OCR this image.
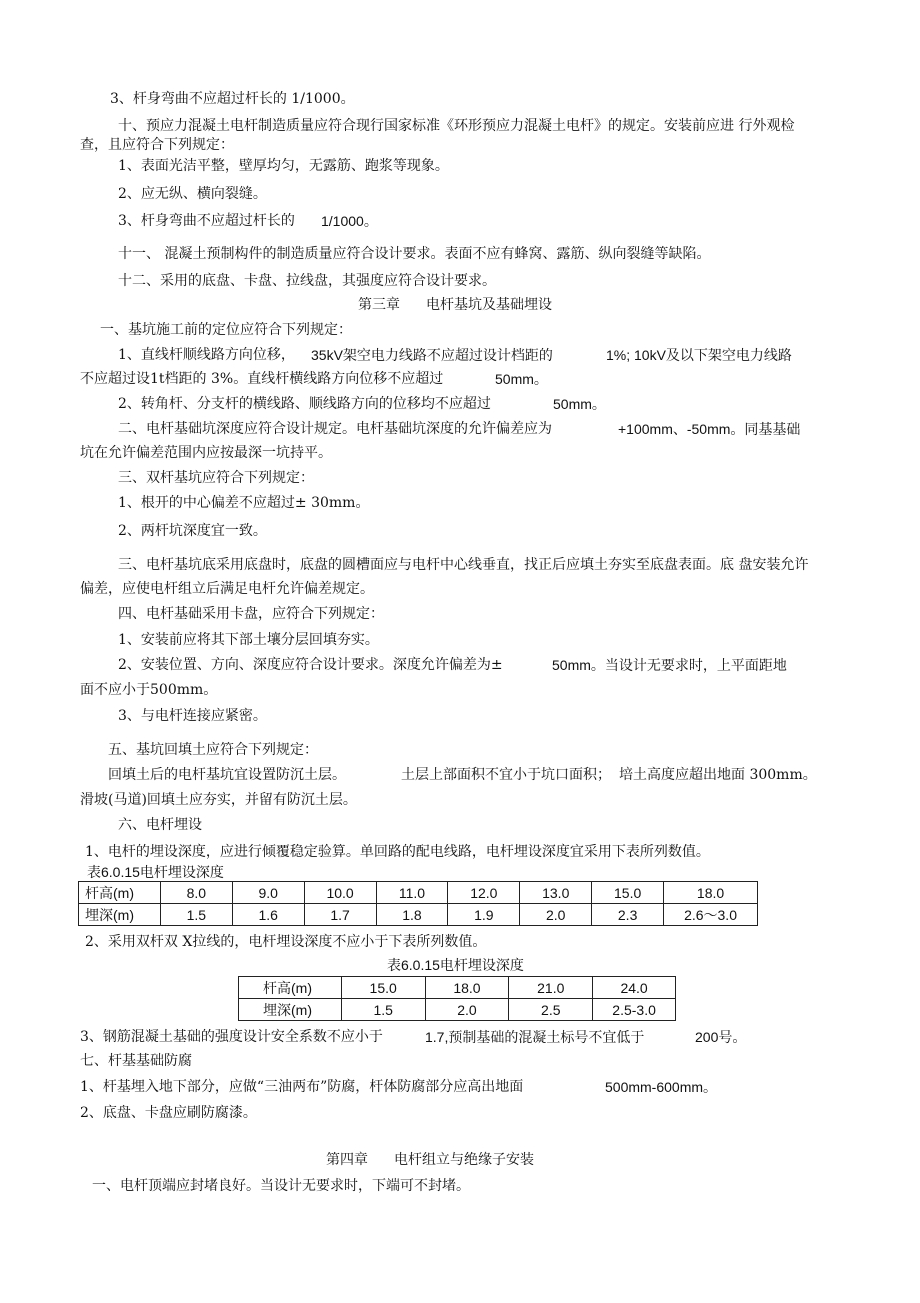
3、杆身弯曲不应超过杆长的 1/1000。
十、预应力混凝土电杆制造质量应符合现行国家标准《环形预应力混凝土电杆》的规定。安装前应进 行外观检
查，且应符合下列规定：
1、表面光洁平整，壁厚均匀，无露筋、跑浆等现象。
2、应无纵、横向裂缝。
3、杆身弯曲不应超过杆长的 1/1000。
十一、 混凝土预制构件的制造质量应符合设计要求。表面不应有蜂窝、露筋、纵向裂缝等缺陷。
十二、采用的底盘、卡盘、拉线盘，其强度应符合设计要求。
第三章 电杆基坑及基础埋设
一、基坑施工前的定位应符合下列规定：
1、直线杆顺线路方向位移， 35kV架空电力线路不应超过设计档距的	1%; 10kV及以下架空电力线路
不应超过设1t档距的 3%。直线杆横线路方向位移不应超过	50mm。
2、转角杆、分支杆的横线路、顺线路方向的位移均不应超过	50mm。
二、电杆基础坑深度应符合设计规定。电杆基础坑深度的允许偏差应为	+100mm、-50mm。同基基础
坑在允许偏差范围内应按最深一坑持平。
三、双杆基坑应符合下列规定：
1、根开的中心偏差不应超过± 30mm。
2、两杆坑深度宜一致。
三、电杆基坑底采用底盘时，底盘的圆槽面应与电杆中心线垂直，找正后应填土夯实至底盘表面。底 盘安装允许
偏差，应使电杆组立后满足电杆允许偏差规定。
四、电杆基础采用卡盘，应符合下列规定：
1、安装前应将其下部土壤分层回填夯实。
2、安装位置、方向、深度应符合设计要求。深度允许偏差为±	50mm。当设计无要求时，上平面距地
面不应小于500mm。
3、与电杆连接应紧密。
五、基坑回填土应符合下列规定：
回填土后的电杆基坑宜设置防沉土层。	土层上部面积不宜小于坑口面积； 培土高度应超出地面 300mm。
滑坡(马道)回填土应夯实，并留有防沉土层。
六、电杆埋设
1、电杆的埋设深度，应进行倾覆稳定验算。单回路的配电线路，电杆埋设深度宜采用下表所列数值。
表6.0.15电杆埋设深度
杆高(m)	8.0	9.0	10.0	11.0	12.0	13.0	15.0	18.0
埋深(m)	1.5	1.6	1.7	1.8	1.9	2.0	2.3	2.6～3.0
2、采用双杆双 X拉线的，电杆埋设深度不应小于下表所列数值。
表6.0.15电杆埋设深度
杆高(m)	15.0	18.0	21.0	24.0
埋深(m)	1.5	2.0	2.5	2.5-3.0
3、钢筋混凝土基础的强度设计安全系数不应小于	1.7,预制基础的混凝土标号不宜低于	200号。
七、杆基基础防腐
1、杆基埋入地下部分，应做“三油两布”防腐，杆体防腐部分应高出地面	500mm-600mm。
2、底盘、卡盘应刷防腐漆。
第四章 电杆组立与绝缘子安装
一、电杆顶端应封堵良好。当设计无要求时，下端可不封堵。
